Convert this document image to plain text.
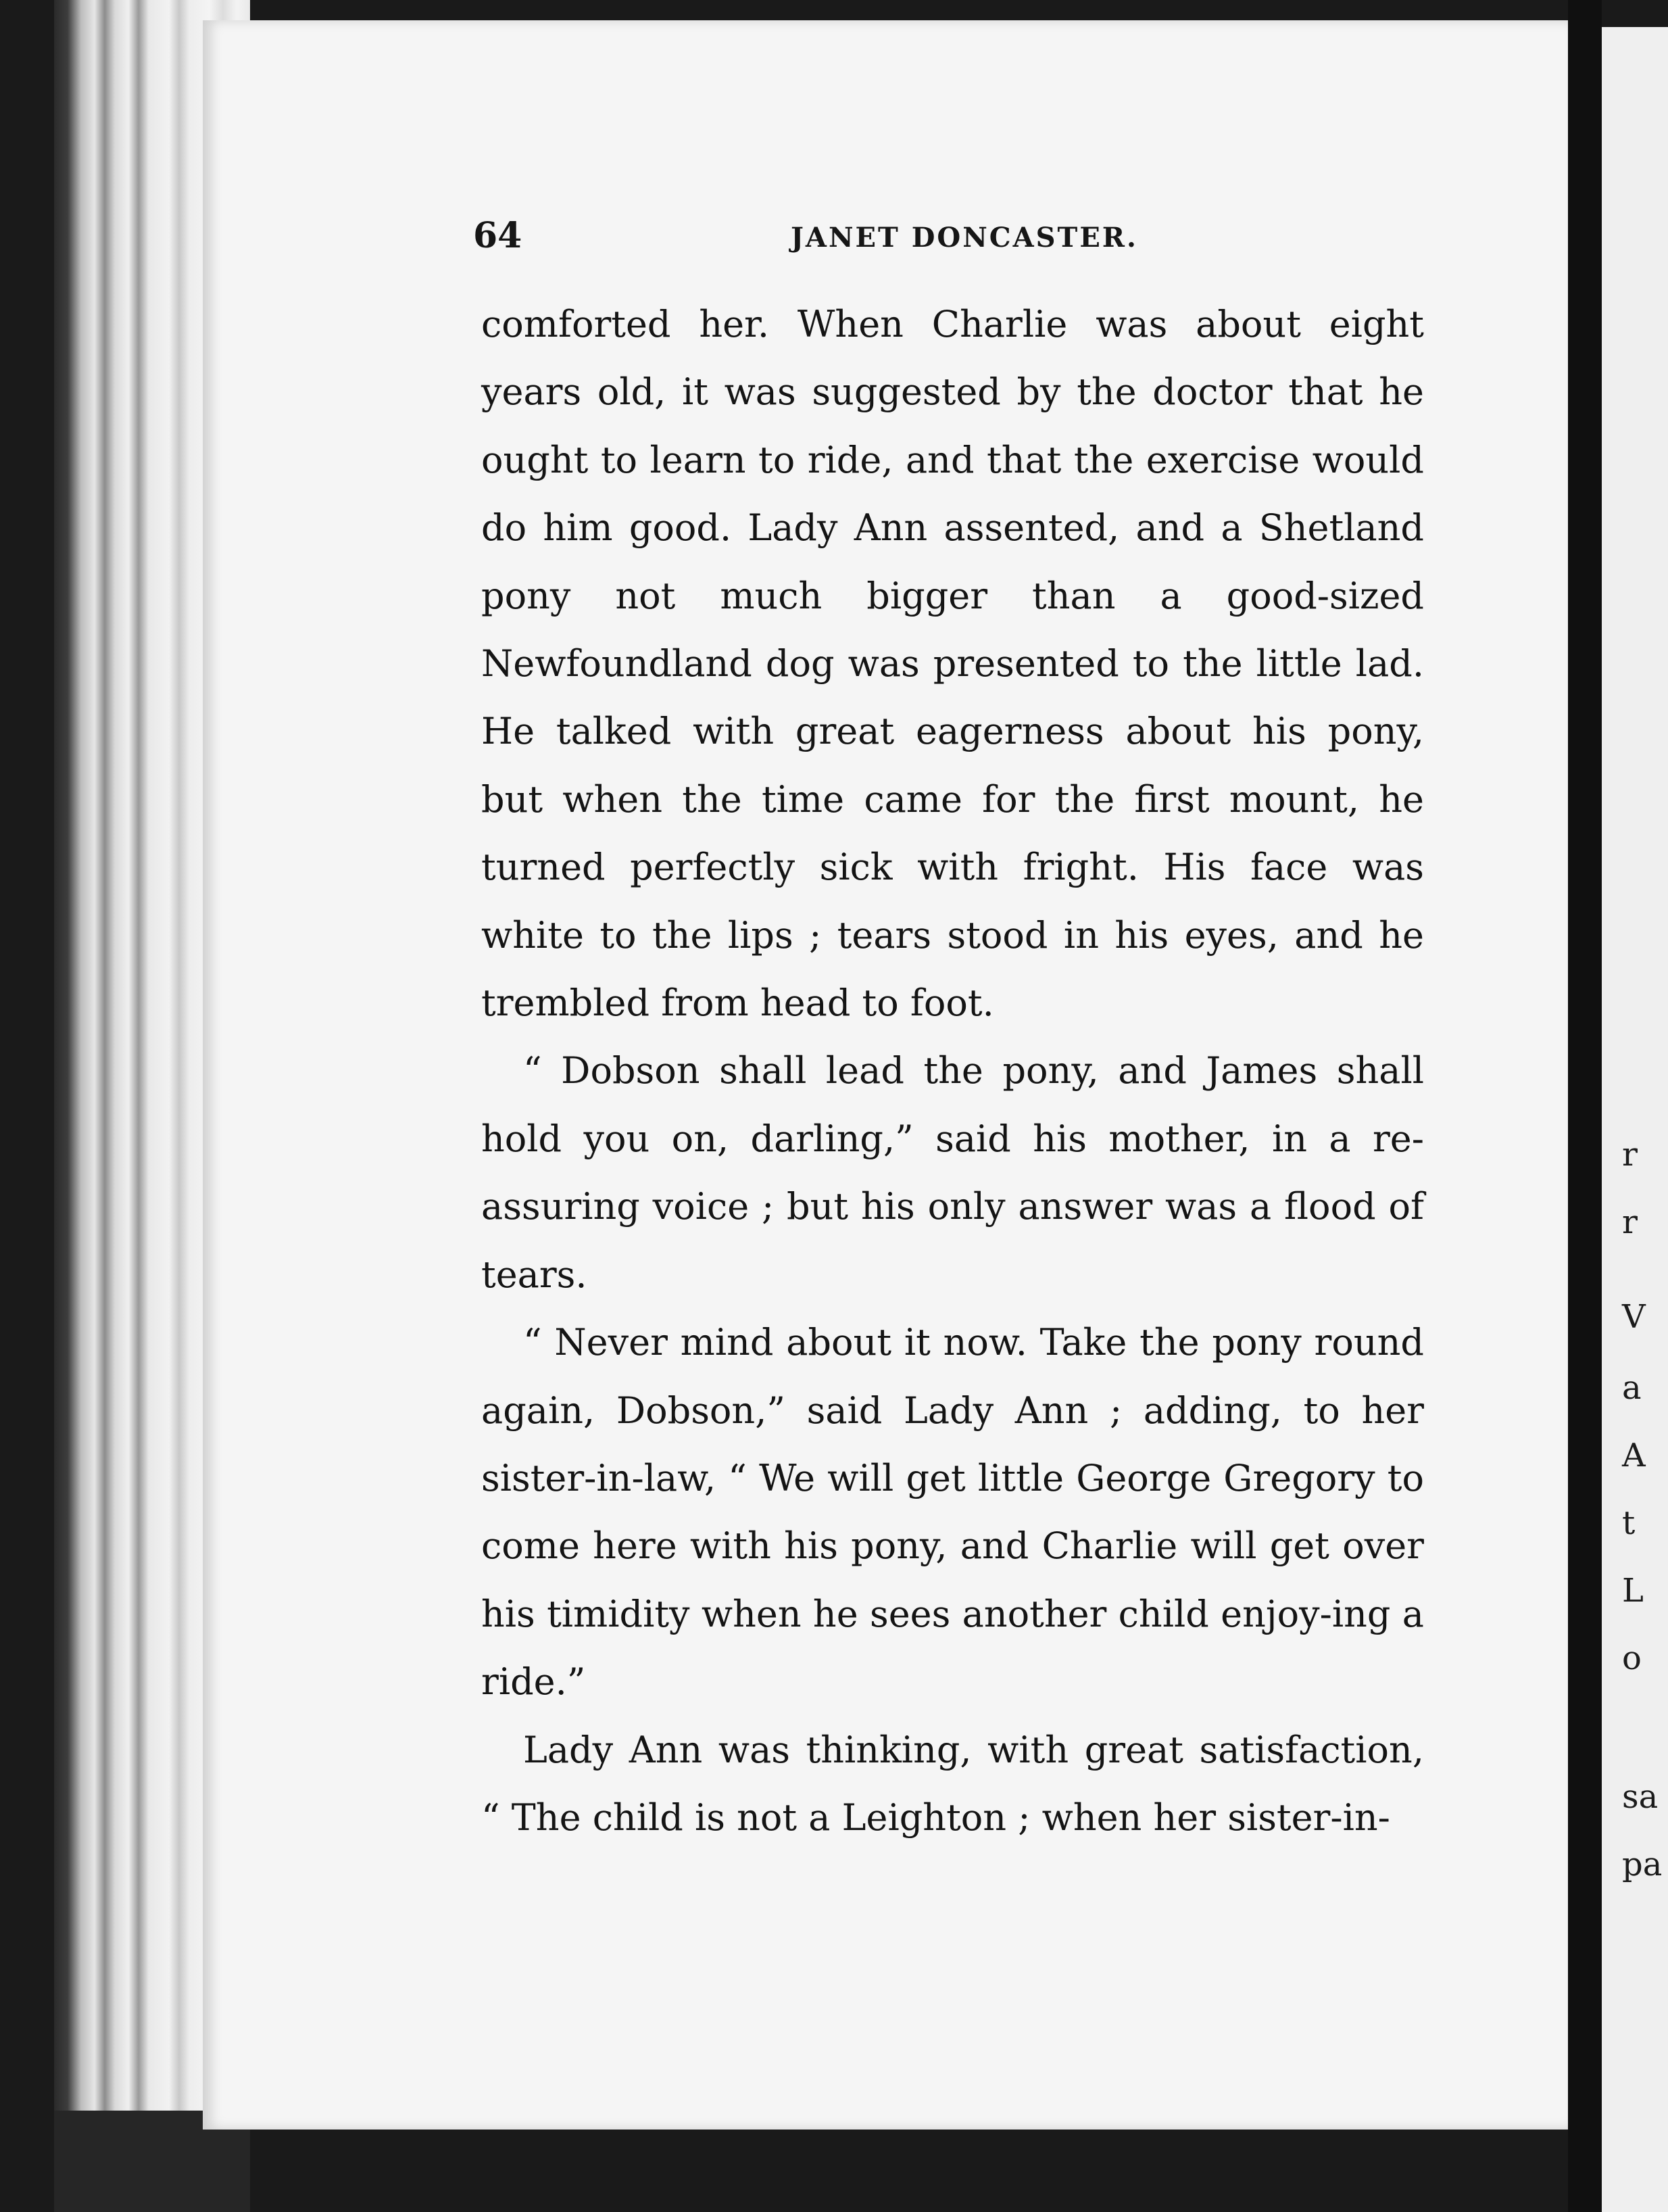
r
r
V
a
A
t
L
o
sa
pa
64	JANET DONCASTER.

comforted her. When Charlie was about eight years old, it was suggested by the doctor that he ought to learn to ride, and that the exercise would do him good. Lady Ann assented, and a Shetland pony not much bigger than a good-sized Newfoundland dog was presented to the little lad. He talked with great eagerness about his pony, but when the time came for the first mount, he turned perfectly sick with fright. His face was white to the lips ; tears stood in his eyes, and he trembled from head to foot.

“ Dobson shall lead the pony, and James shall hold you on, darling,” said his mother, in a re-assuring voice ; but his only answer was a flood of tears.

“ Never mind about it now. Take the pony round again, Dobson,” said Lady Ann ; adding, to her sister-in-law, “ We will get little George Gregory to come here with his pony, and Charlie will get over his timidity when he sees another child enjoy-ing a ride.”

Lady Ann was thinking, with great satisfaction, “ The child is not a Leighton ; when her sister-in-
